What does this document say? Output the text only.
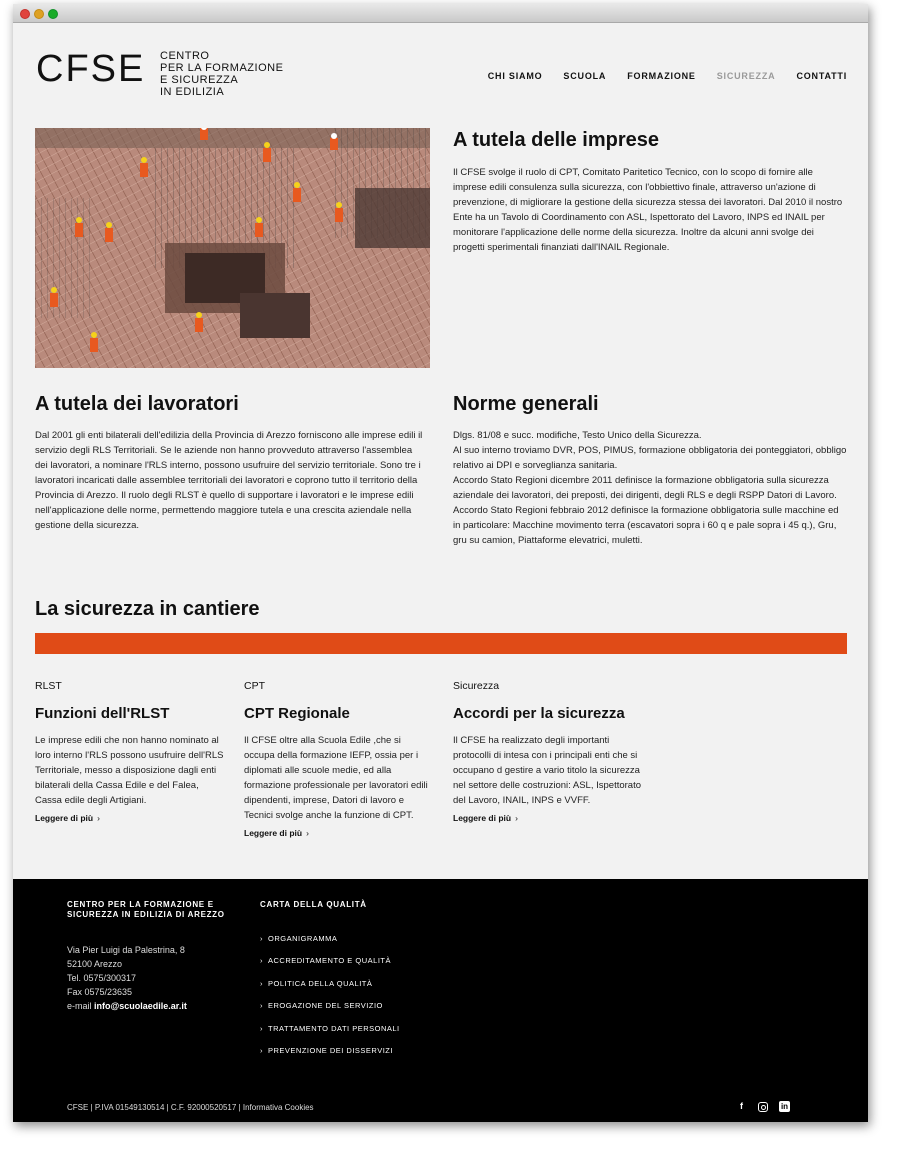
CFSE CENTRO
PER LA FORMAZIONE
E SICUREZZA
IN EDILIZIA
CHI SIAMO SCUOLA FORMAZIONE SICUREZZA CONTATTI
A tutela delle imprese

Il CFSE svolge il ruolo di CPT, Comitato Paritetico Tecnico, con lo scopo di fornire alle imprese edili consulenza sulla sicurezza, con l'obbiettivo finale, attraverso un'azione di prevenzione, di migliorare la gestione della sicurezza stessa dei lavoratori. Dal 2010 il nostro Ente ha un Tavolo di Coordinamento con ASL, Ispettorato del Lavoro, INPS ed INAIL per monitorare l'applicazione delle norme della sicurezza. Inoltre da alcuni anni svolge dei progetti sperimentali finanziati dall'INAIL Regionale.

A tutela dei lavoratori

Dal 2001 gli enti bilaterali dell'edilizia della Provincia di Arezzo forniscono alle imprese edili il servizio degli RLS Territoriali. Se le aziende non hanno provveduto attraverso l'assemblea dei lavoratori, a nominare l'RLS interno, possono usufruire del servizio territoriale. Sono tre i lavoratori incaricati dalle assemblee territoriali dei lavoratori e coprono tutto il territorio della Provincia di Arezzo. Il ruolo degli RLST è quello di supportare i lavoratori e le imprese edili nell'applicazione delle norme, permettendo maggiore tutela e una crescita aziendale nella gestione della sicurezza.

Norme generali
Dlgs. 81/08 e succ. modifiche, Testo Unico della Sicurezza.
Al suo interno troviamo DVR, POS, PIMUS, formazione obbligatoria dei ponteggiatori, obbligo relativo ai DPI e sorveglianza sanitaria.
Accordo Stato Regioni dicembre 2011 definisce la formazione obbligatoria sulla sicurezza aziendale dei lavoratori, dei preposti, dei dirigenti, degli RLS e degli RSPP Datori di Lavoro.
Accordo Stato Regioni febbraio 2012 definisce la formazione obbligatoria sulle macchine ed in particolare: Macchine movimento terra (escavatori sopra i 60 q e pale sopra i 45 q.), Gru, gru su camion, Piattaforme elevatrici, muletti.
La sicurezza in cantiere
RLST
Funzioni dell'RLST

Le imprese edili che non hanno nominato al loro interno l'RLS possono usufruire dell'RLS Territoriale, messo a disposizione dagli enti bilaterali della Cassa Edile e del Falea, Cassa edile degli Artigiani.

Leggere di più ›
CPT
CPT Regionale

Il CFSE oltre alla Scuola Edile ,che si occupa della formazione IEFP, ossia per i diplomati alle scuole medie, ed alla formazione professionale per lavoratori edili dipendenti, imprese, Datori di lavoro e Tecnici svolge anche la funzione di CPT.

Leggere di più ›
Sicurezza
Accordi per la sicurezza

Il CFSE ha realizzato degli importanti protocolli di intesa con i principali enti che si occupano d gestire a vario titolo la sicurezza nel settore delle costruzioni: ASL, Ispettorato del Lavoro, INAIL, INPS e VVFF.

Leggere di più ›
CENTRO PER LA FORMAZIONE E SICUREZZA IN EDILIZIA DI AREZZO
Via Pier Luigi da Palestrina, 8
52100 Arezzo
Tel. 0575/300317
Fax 0575/23635
e-mail info@scuolaedile.ar.it
CARTA DELLA QUALITÀ
› ORGANIGRAMMA
› ACCREDITAMENTO E QUALITÀ
› POLITICA DELLA QUALITÀ
› EROGAZIONE DEL SERVIZIO
› TRATTAMENTO DATI PERSONALI
› PREVENZIONE DEI DISSERVIZI
CFSE | P.IVA 01549130514 | C.F. 92000520517 | Informativa Cookies	f	in
